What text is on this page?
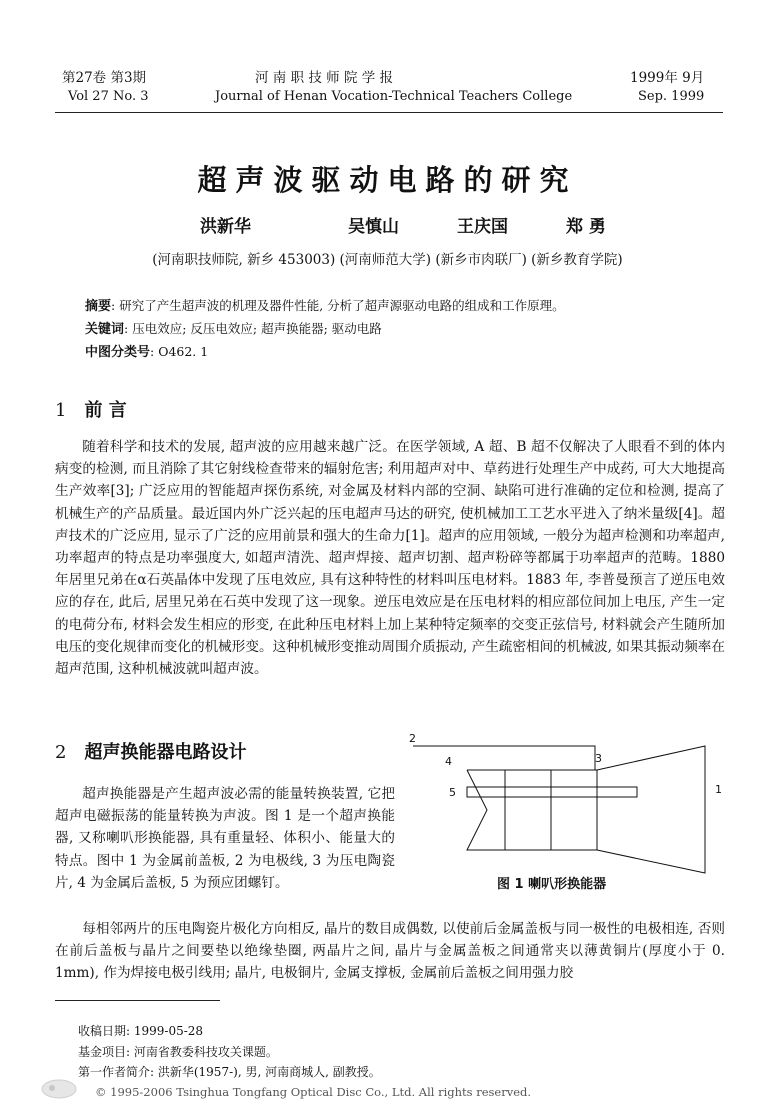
第27卷 第3期	河 南 职 技 师 院 学 报	1999年 9月
Vol 27 No. 3	Journal of Henan Vocation-Technical Teachers College	Sep. 1999
超声波驱动电路的研究
洪新华	吴慎山	王庆国	郑 勇
(河南职技师院, 新乡 453003) (河南师范大学) (新乡市肉联厂) (新乡教育学院)
摘要: 研究了产生超声波的机理及器件性能, 分析了超声源驱动电路的组成和工作原理。
关键词: 压电效应; 反压电效应; 超声换能器; 驱动电路
中图分类号: O462. 1
1 前 言

随着科学和技术的发展, 超声波的应用越来越广泛。在医学领域, A 超、B 超不仅解决了人眼看不到的体内病变的检测, 而且消除了其它射线检查带来的辐射危害; 利用超声对中、草药进行处理生产中成药, 可大大地提高生产效率[3]; 广泛应用的智能超声探伤系统, 对金属及材料内部的空洞、缺陷可进行准确的定位和检测, 提高了机械生产的产品质量。最近国内外广泛兴起的压电超声马达的研究, 使机械加工工艺水平进入了纳米量级[4]。超声技术的广泛应用, 显示了广泛的应用前景和强大的生命力[1]。超声的应用领域, 一般分为超声检测和功率超声, 功率超声的特点是功率强度大, 如超声清洗、超声焊接、超声切割、超声粉碎等都属于功率超声的范畴。1880 年居里兄弟在α石英晶体中发现了压电效应, 具有这种特性的材料叫压电材料。1883 年, 李普曼预言了逆压电效应的存在, 此后, 居里兄弟在石英中发现了这一现象。逆压电效应是在压电材料的相应部位间加上电压, 产生一定的电荷分布, 材料会发生相应的形变, 在此种压电材料上加上某种特定频率的交变正弦信号, 材料就会产生随所加电压的变化规律而变化的机械形变。这种机械形变推动周围介质振动, 产生疏密相间的机械波, 如果其振动频率在超声范围, 这种机械波就叫超声波。

2 超声换能器电路设计

超声换能器是产生超声波必需的能量转换装置, 它把超声电磁振荡的能量转换为声波。图 1 是一个超声换能器, 又称喇叭形换能器, 具有重量轻、体积小、能量大的特点。图中 1 为金属前盖板, 2 为电极线, 3 为压电陶瓷片, 4 为金属后盖板, 5 为预应团螺钉。

2
4	3
5	1
图 1 喇叭形换能器

每相邻两片的压电陶瓷片极化方向相反, 晶片的数目成偶数, 以使前后金属盖板与同一极性的电极相连, 否则在前后盖板与晶片之间要垫以绝缘垫圈, 两晶片之间, 晶片与金属盖板之间通常夹以薄黄铜片(厚度小于 0. 1mm), 作为焊接电极引线用; 晶片, 电极铜片, 金属支撑板, 金属前后盖板之间用强力胶

收稿日期: 1999-05-28
基金项目: 河南省教委科技攻关课题。
第一作者简介: 洪新华(1957-), 男, 河南商城人, 副教授。
© 1995-2006 Tsinghua Tongfang Optical Disc Co., Ltd. All rights reserved.
